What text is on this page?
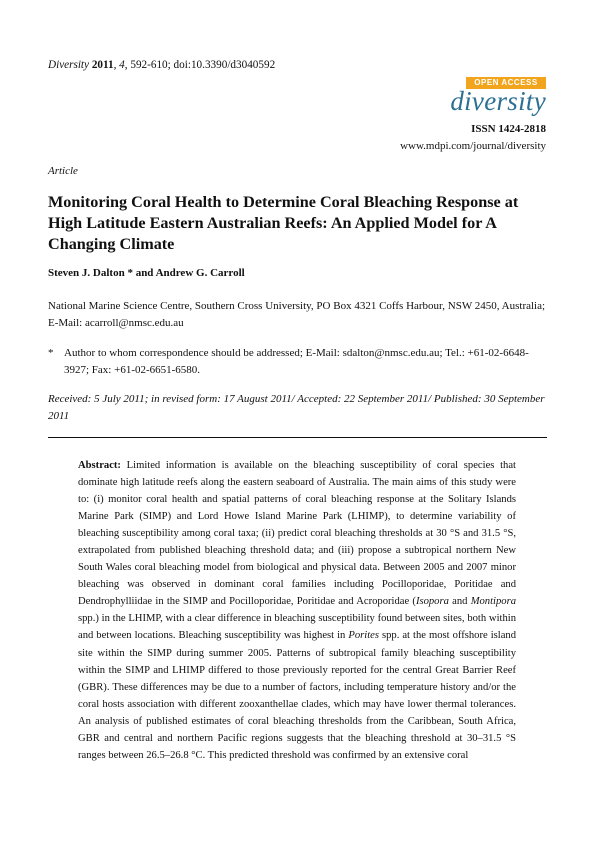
Diversity 2011, 4, 592-610; doi:10.3390/d3040592
OPEN ACCESS
diversity
ISSN 1424-2818
www.mdpi.com/journal/diversity
Article
Monitoring Coral Health to Determine Coral Bleaching Response at High Latitude Eastern Australian Reefs: An Applied Model for A Changing Climate
Steven J. Dalton * and Andrew G. Carroll
National Marine Science Centre, Southern Cross University, PO Box 4321 Coffs Harbour, NSW 2450, Australia; E-Mail: acarroll@nmsc.edu.au
* Author to whom correspondence should be addressed; E-Mail: sdalton@nmsc.edu.au; Tel.: +61-02-6648-3927; Fax: +61-02-6651-6580.
Received: 5 July 2011; in revised form: 17 August 2011/ Accepted: 22 September 2011/ Published: 30 September 2011
Abstract: Limited information is available on the bleaching susceptibility of coral species that dominate high latitude reefs along the eastern seaboard of Australia. The main aims of this study were to: (i) monitor coral health and spatial patterns of coral bleaching response at the Solitary Islands Marine Park (SIMP) and Lord Howe Island Marine Park (LHIMP), to determine variability of bleaching susceptibility among coral taxa; (ii) predict coral bleaching thresholds at 30 °S and 31.5 °S, extrapolated from published bleaching threshold data; and (iii) propose a subtropical northern New South Wales coral bleaching model from biological and physical data. Between 2005 and 2007 minor bleaching was observed in dominant coral families including Pocilloporidae, Poritidae and Dendrophylliidae in the SIMP and Pocilloporidae, Poritidae and Acroporidae (Isopora and Montipora spp.) in the LHIMP, with a clear difference in bleaching susceptibility found between sites, both within and between locations. Bleaching susceptibility was highest in Porites spp. at the most offshore island site within the SIMP during summer 2005. Patterns of subtropical family bleaching susceptibility within the SIMP and LHIMP differed to those previously reported for the central Great Barrier Reef (GBR). These differences may be due to a number of factors, including temperature history and/or the coral hosts association with different zooxanthellae clades, which may have lower thermal tolerances. An analysis of published estimates of coral bleaching thresholds from the Caribbean, South Africa, GBR and central and northern Pacific regions suggests that the bleaching threshold at 30–31.5 °S ranges between 26.5–26.8 °C. This predicted threshold was confirmed by an extensive coral
